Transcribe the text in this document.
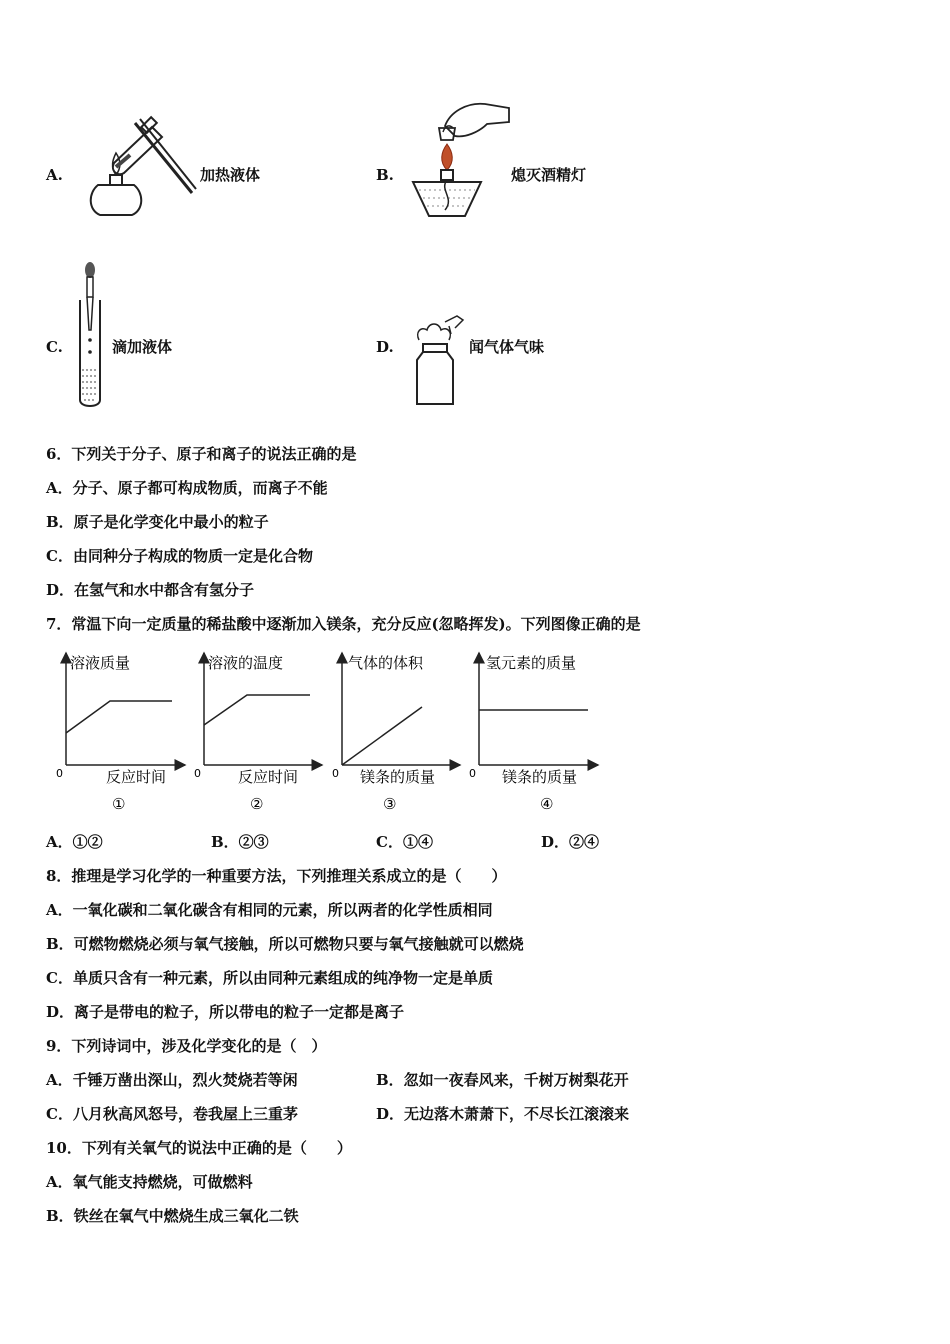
A.	加热液体	B.	熄灭酒精灯
C.	滴加液体	D.	闻气体气味
6．下列关于分子、原子和离子的说法正确的是
A．分子、原子都可构成物质，而离子不能
B．原子是化学变化中最小的粒子
C．由同种分子构成的物质一定是化合物
D．在氢气和水中都含有氢分子
7．常温下向一定质量的稀盐酸中逐渐加入镁条，充分反应(忽略挥发)。下列图像正确的是
溶液质量
0	反应时间
①
溶液的温度
0 反应时间
②
气体的体积
0 镁条的质量
③
氢元素的质量
0 镁条的质量
④
A．①②	B．②③	C．①④	D．②④
8．推理是学习化学的一种重要方法，下列推理关系成立的是（　　）
A．一氧化碳和二氧化碳含有相同的元素，所以两者的化学性质相同
B．可燃物燃烧必须与氧气接触，所以可燃物只要与氧气接触就可以燃烧
C．单质只含有一种元素，所以由同种元素组成的纯净物一定是单质
D．离子是带电的粒子，所以带电的粒子一定都是离子
9．下列诗词中，涉及化学变化的是（　）
A．千锤万凿出深山，烈火焚烧若等闲	B．忽如一夜春风来，千树万树梨花开
C．八月秋高风怒号，卷我屋上三重茅	D．无边落木萧萧下，不尽长江滚滚来
10．下列有关氧气的说法中正确的是（　　）
A．氧气能支持燃烧，可做燃料
B．铁丝在氧气中燃烧生成三氧化二铁
